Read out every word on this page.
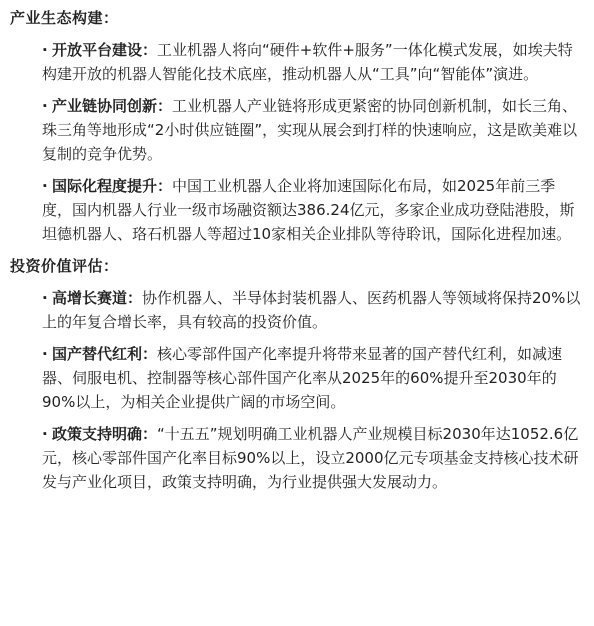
产业生态构建：
· 开放平台建设：工业机器人将向“硬件+软件+服务”一体化模式发展，如埃夫特构建开放的机器人智能化技术底座，推动机器人从“工具”向“智能体”演进。
· 产业链协同创新：工业机器人产业链将形成更紧密的协同创新机制，如长三角、珠三角等地形成“2小时供应链圈”，实现从展会到打样的快速响应，这是欧美难以复制的竞争优势。
· 国际化程度提升：中国工业机器人企业将加速国际化布局，如2025年前三季度，国内机器人行业一级市场融资额达386.24亿元，多家企业成功登陆港股，斯坦德机器人、珞石机器人等超过10家相关企业排队等待聆讯，国际化进程加速。
投资价值评估：
· 高增长赛道：协作机器人、半导体封装机器人、医药机器人等领域将保持20%以上的年复合增长率，具有较高的投资价值。
· 国产替代红利：核心零部件国产化率提升将带来显著的国产替代红利，如减速器、伺服电机、控制器等核心部件国产化率从2025年的60%提升至2030年的90%以上，为相关企业提供广阔的市场空间。
· 政策支持明确：“十五五”规划明确工业机器人产业规模目标2030年达1052.6亿元，核心零部件国产化率目标90%以上，设立2000亿元专项基金支持核心技术研发与产业化项目，政策支持明确，为行业提供强大发展动力。
